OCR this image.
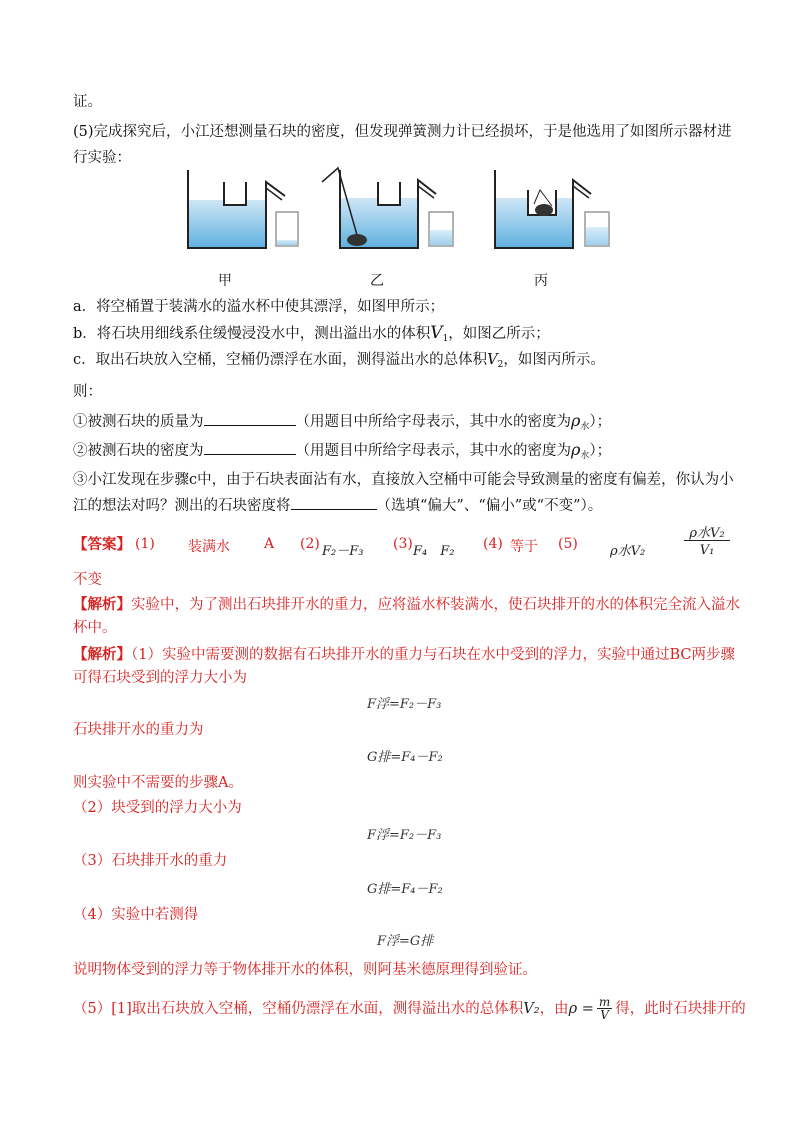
证。
(5)完成探究后，小江还想测量石块的密度，但发现弹簧测力计已经损坏，于是他选用了如图所示器材进
行实验：
甲	乙	丙
a．将空桶置于装满水的溢水杯中使其漂浮，如图甲所示；
b．将石块用细线系住缓慢浸没水中，测出溢出水的体积$V_1$，如图乙所示；
c．取出石块放入空桶，空桶仍漂浮在水面，测得溢出水的总体积$V_2$，如图丙所示。
则：
①被测石块的质量为	（用题目中所给字母表示，其中水的密度为$\rho_水$）；
②被测石块的密度为	（用题目中所给字母表示，其中水的密度为$\rho_水$）；
③小江发现在步骤c中，由于石块表面沾有水，直接放入空桶中可能会导致测量的密度有偏差，你认为小
江的想法对吗？测出的石块密度将	（选填“偏大”、“偏小”或“不变”）。
【答案】 (1) 装满水 A (2) F₂－F₃ (3) F₄　F₂ (4) 等于 (5) ρ水V₂
ρ水V₂
V₁
不变
【解析】实验中，为了测出石块排开水的重力，应将溢水杯装满水，使石块排开的水的体积完全流入溢水
杯中。
【解析】（1）实验中需要测的数据有石块排开水的重力与石块在水中受到的浮力，实验中通过BC两步骤
可得石块受到的浮力大小为
F浮=F₂－F₃
石块排开水的重力为
G排=F₄－F₂
则实验中不需要的步骤A。
（2）块受到的浮力大小为
F浮=F₂－F₃
（3）石块排开水的重力
G排=F₄－F₂
（4）实验中若测得
F浮=G排
说明物体受到的浮力等于物体排开水的体积，则阿基米德原理得到验证。
（5）[1]取出石块放入空桶，空桶仍漂浮在水面，测得溢出水的总体积V₂，由$\rho = \frac{m}{V}$ 得，此时石块排开的
